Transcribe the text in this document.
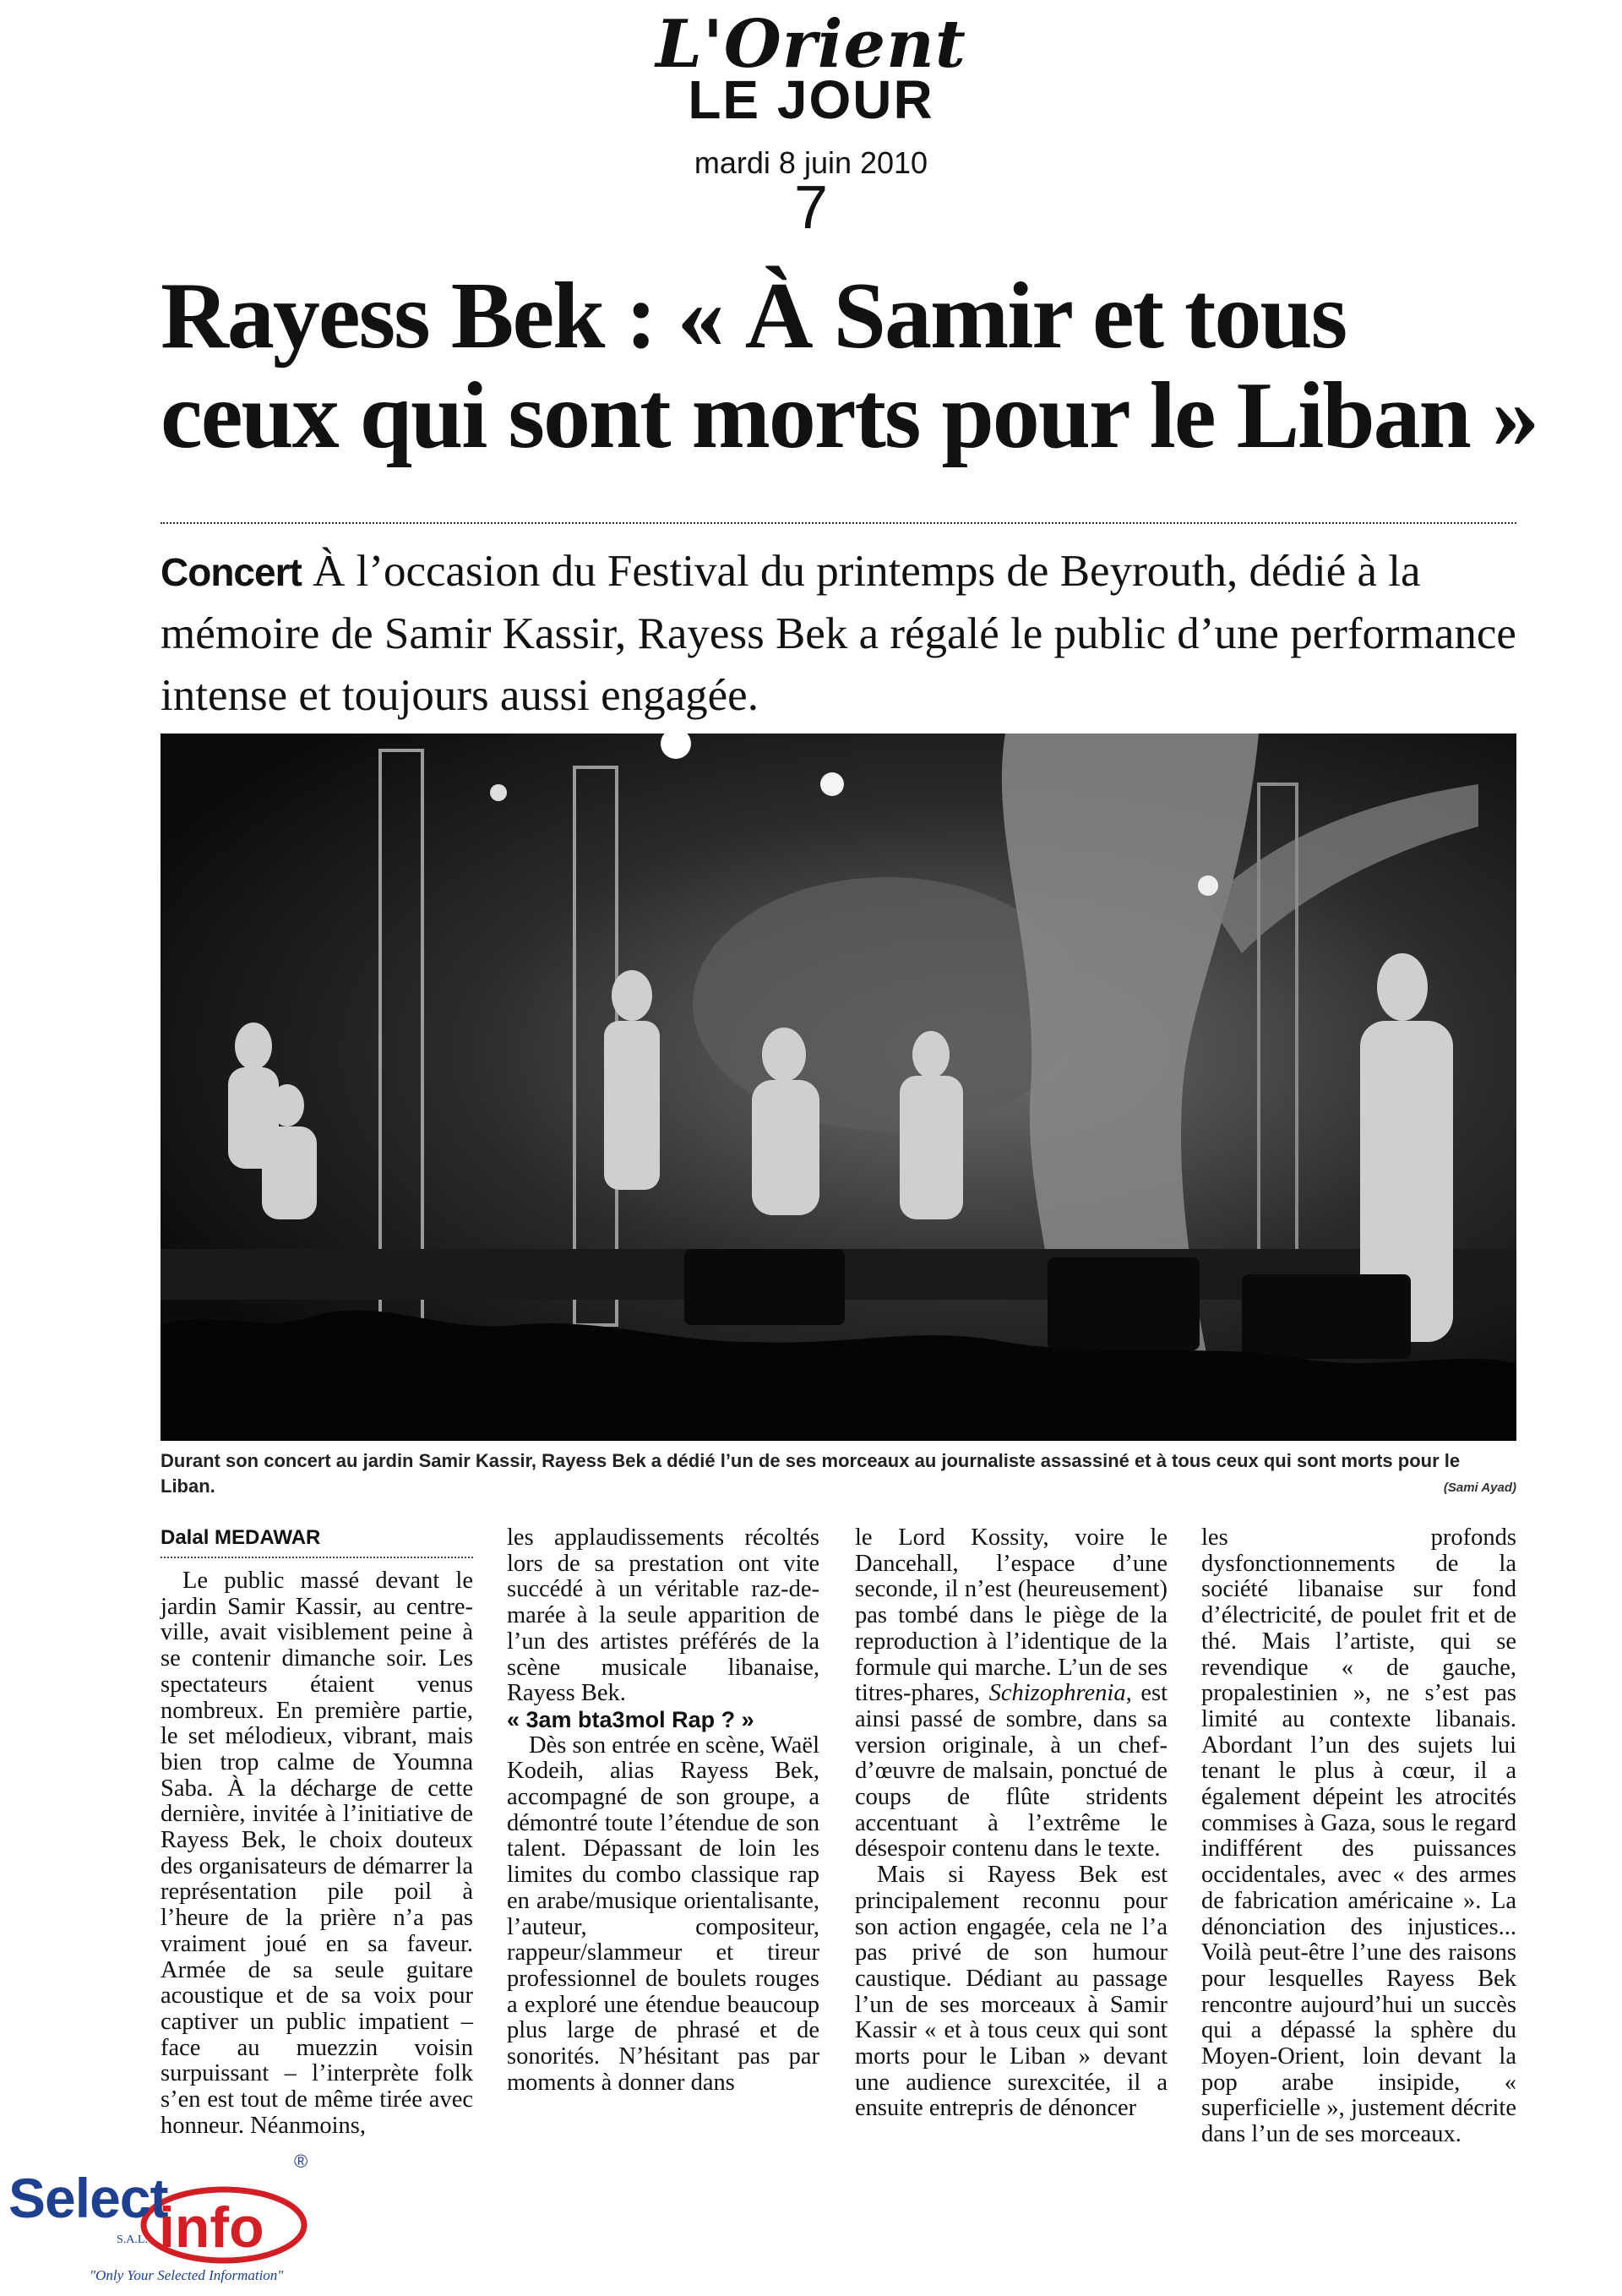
L'Orient
LE JOUR
mardi 8 juin 2010
7
Rayess Bek : « À Samir et tous ceux qui sont morts pour le Liban »
Concert À l’occasion du Festival du printemps de Beyrouth, dédié à la mémoire de Samir Kassir, Rayess Bek a régalé le public d’une performance intense et toujours aussi engagée.
Durant son concert au jardin Samir Kassir, Rayess Bek a dédié l’un de ses morceaux au journaliste assassiné et à tous ceux qui sont morts pour le Liban.	(Sami Ayad)
Dalal MEDAWAR

Le public massé devant le jardin Samir Kassir, au centre-ville, avait visiblement peine à se contenir dimanche soir. Les spectateurs étaient venus nombreux. En première partie, le set mélodieux, vibrant, mais bien trop calme de Youmna Saba. À la décharge de cette dernière, invitée à l’initiative de Rayess Bek, le choix douteux des organisateurs de démarrer la représentation pile poil à l’heure de la prière n’a pas vraiment joué en sa faveur. Armée de sa seule guitare acoustique et de sa voix pour captiver un public impatient – face au muezzin voisin surpuissant – l’interprète folk s’en est tout de même tirée avec honneur. Néanmoins,

les applaudissements récoltés lors de sa prestation ont vite succédé à un véritable raz-de-marée à la seule apparition de l’un des artistes préférés de la scène musicale libanaise, Rayess Bek.

« 3am bta3mol Rap ? »

Dès son entrée en scène, Waël Kodeih, alias Rayess Bek, accompagné de son groupe, a démontré toute l’étendue de son talent. Dépassant de loin les limites du combo classique rap en arabe/musique orientalisante, l’auteur, compositeur, rappeur/slammeur et tireur professionnel de boulets rouges a exploré une étendue beaucoup plus large de phrasé et de sonorités. N’hésitant pas par moments à donner dans

le Lord Kossity, voire le Dancehall, l’espace d’une seconde, il n’est (heureusement) pas tombé dans le piège de la reproduction à l’identique de la formule qui marche. L’un de ses titres-phares, Schizophrenia, est ainsi passé de sombre, dans sa version originale, à un chef-d’œuvre de malsain, ponctué de coups de flûte stridents accentuant à l’extrême le désespoir contenu dans le texte.

Mais si Rayess Bek est principalement reconnu pour son action engagée, cela ne l’a pas privé de son humour caustique. Dédiant au passage l’un de ses morceaux à Samir Kassir « et à tous ceux qui sont morts pour le Liban » devant une audience surexcitée, il a ensuite entrepris de dénoncer

les profonds dysfonctionnements de la société libanaise sur fond d’électricité, de poulet frit et de thé. Mais l’artiste, qui se revendique « de gauche, propalestinien », ne s’est pas limité au contexte libanais. Abordant l’un des sujets lui tenant le plus à cœur, il a également dépeint les atrocités commises à Gaza, sous le regard indifférent des puissances occidentales, avec « des armes de fabrication américaine ». La dénonciation des injustices... Voilà peut-être l’une des raisons pour lesquelles Rayess Bek rencontre aujourd’hui un succès qui a dépassé la sphère du Moyen-Orient, loin devant la pop arabe insipide, « superficielle », justement décrite dans l’un de ses morceaux.

Select
info
®
S.A.L.
"Only Your Selected Information"
